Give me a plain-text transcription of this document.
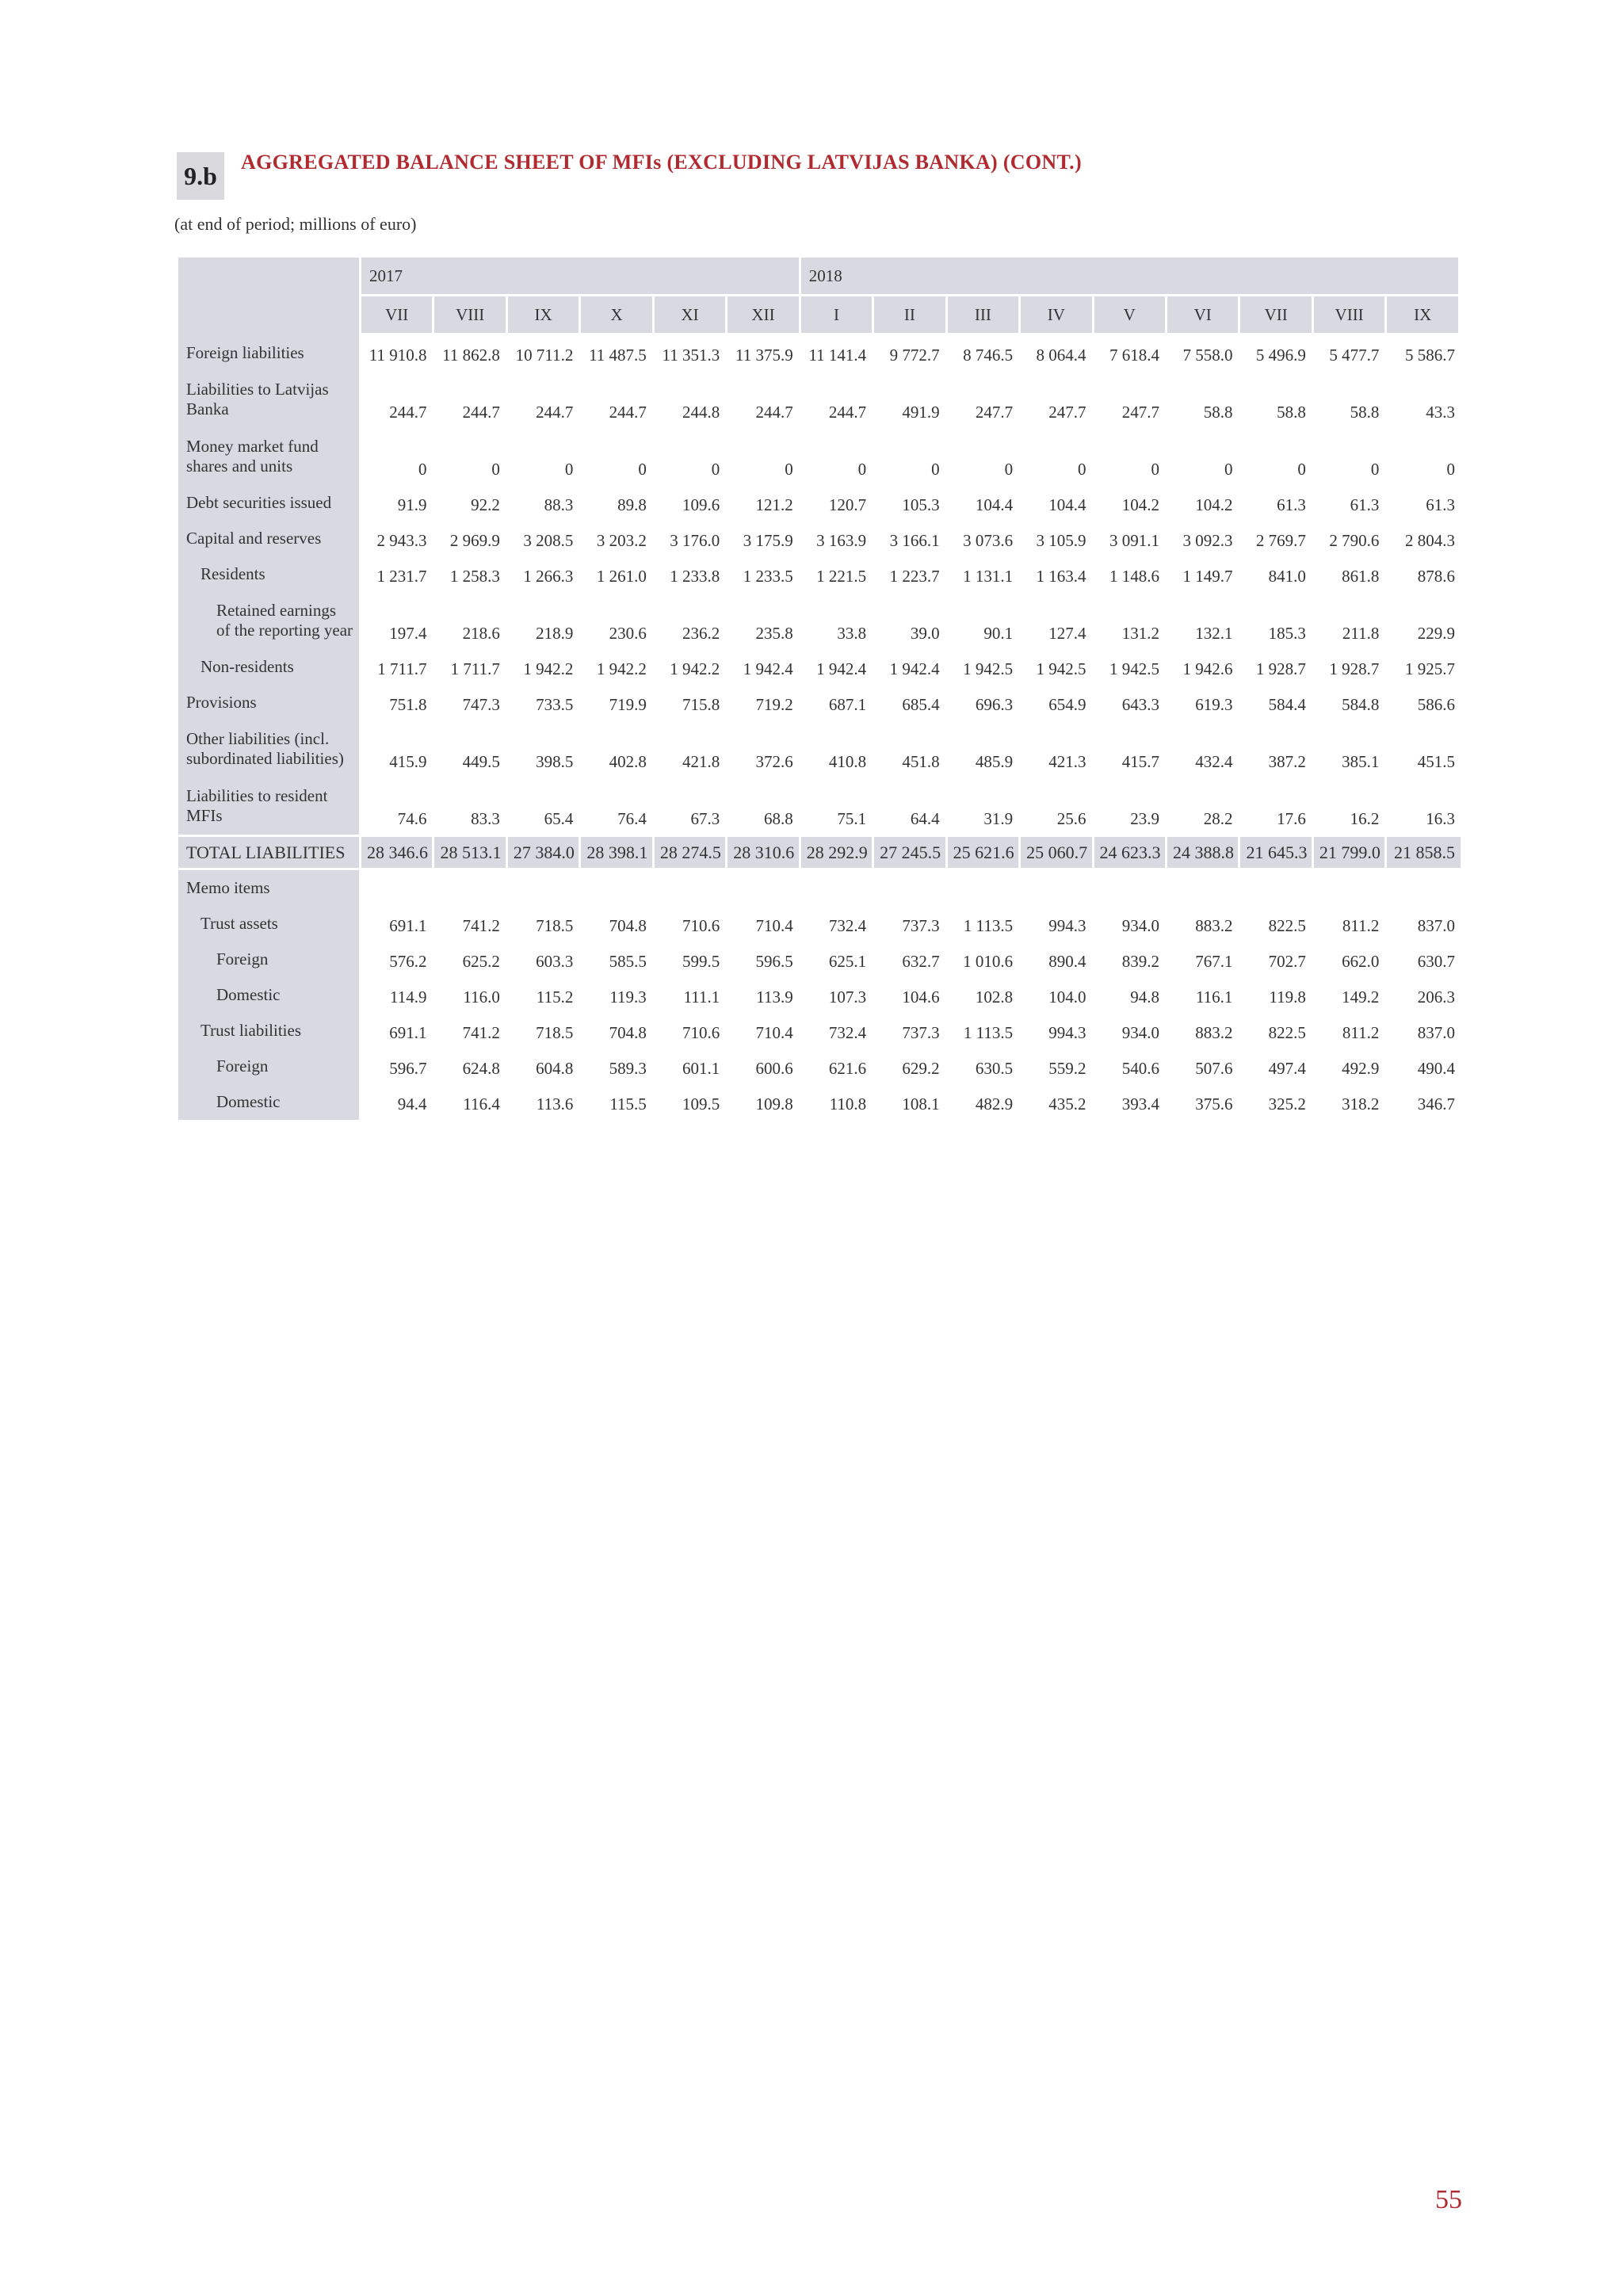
9.b	AGGREGATED BALANCE SHEET OF MFIs (EXCLUDING LATVIJAS BANKA) (CONT.)
(at end of period; millions of euro)
	2017						2018								
	VII	VIII	IX	X	XI	XII	I	II	III	IV	V	VI	VII	VIII	IX
Foreign liabilities	11 910.8	11 862.8	10 711.2	11 487.5	11 351.3	11 375.9	11 141.4	9 772.7	8 746.5	8 064.4	7 618.4	7 558.0	5 496.9	5 477.7	5 586.7
Liabilities to Latvijas Banka	244.7	244.7	244.7	244.7	244.8	244.7	244.7	491.9	247.7	247.7	247.7	58.8	58.8	58.8	43.3
Money market fund shares and units	0	0	0	0	0	0	0	0	0	0	0	0	0	0	0
Debt securities issued	91.9	92.2	88.3	89.8	109.6	121.2	120.7	105.3	104.4	104.4	104.2	104.2	61.3	61.3	61.3
Capital and reserves	2 943.3	2 969.9	3 208.5	3 203.2	3 176.0	3 175.9	3 163.9	3 166.1	3 073.6	3 105.9	3 091.1	3 092.3	2 769.7	2 790.6	2 804.3
Residents	1 231.7	1 258.3	1 266.3	1 261.0	1 233.8	1 233.5	1 221.5	1 223.7	1 131.1	1 163.4	1 148.6	1 149.7	841.0	861.8	878.6
Retained earnings of the reporting year	197.4	218.6	218.9	230.6	236.2	235.8	33.8	39.0	90.1	127.4	131.2	132.1	185.3	211.8	229.9
Non-residents	1 711.7	1 711.7	1 942.2	1 942.2	1 942.2	1 942.4	1 942.4	1 942.4	1 942.5	1 942.5	1 942.5	1 942.6	1 928.7	1 928.7	1 925.7
Provisions	751.8	747.3	733.5	719.9	715.8	719.2	687.1	685.4	696.3	654.9	643.3	619.3	584.4	584.8	586.6
Other liabilities (incl. subordinated liabilities)	415.9	449.5	398.5	402.8	421.8	372.6	410.8	451.8	485.9	421.3	415.7	432.4	387.2	385.1	451.5
Liabilities to resident MFIs	74.6	83.3	65.4	76.4	67.3	68.8	75.1	64.4	31.9	25.6	23.9	28.2	17.6	16.2	16.3
TOTAL LIABILITIES	28 346.6	28 513.1	27 384.0	28 398.1	28 274.5	28 310.6	28 292.9	27 245.5	25 621.6	25 060.7	24 623.3	24 388.8	21 645.3	21 799.0	21 858.5
Memo items															
Trust assets	691.1	741.2	718.5	704.8	710.6	710.4	732.4	737.3	1 113.5	994.3	934.0	883.2	822.5	811.2	837.0
Foreign	576.2	625.2	603.3	585.5	599.5	596.5	625.1	632.7	1 010.6	890.4	839.2	767.1	702.7	662.0	630.7
Domestic	114.9	116.0	115.2	119.3	111.1	113.9	107.3	104.6	102.8	104.0	94.8	116.1	119.8	149.2	206.3
Trust liabilities	691.1	741.2	718.5	704.8	710.6	710.4	732.4	737.3	1 113.5	994.3	934.0	883.2	822.5	811.2	837.0
Foreign	596.7	624.8	604.8	589.3	601.1	600.6	621.6	629.2	630.5	559.2	540.6	507.6	497.4	492.9	490.4
Domestic	94.4	116.4	113.6	115.5	109.5	109.8	110.8	108.1	482.9	435.2	393.4	375.6	325.2	318.2	346.7
55
